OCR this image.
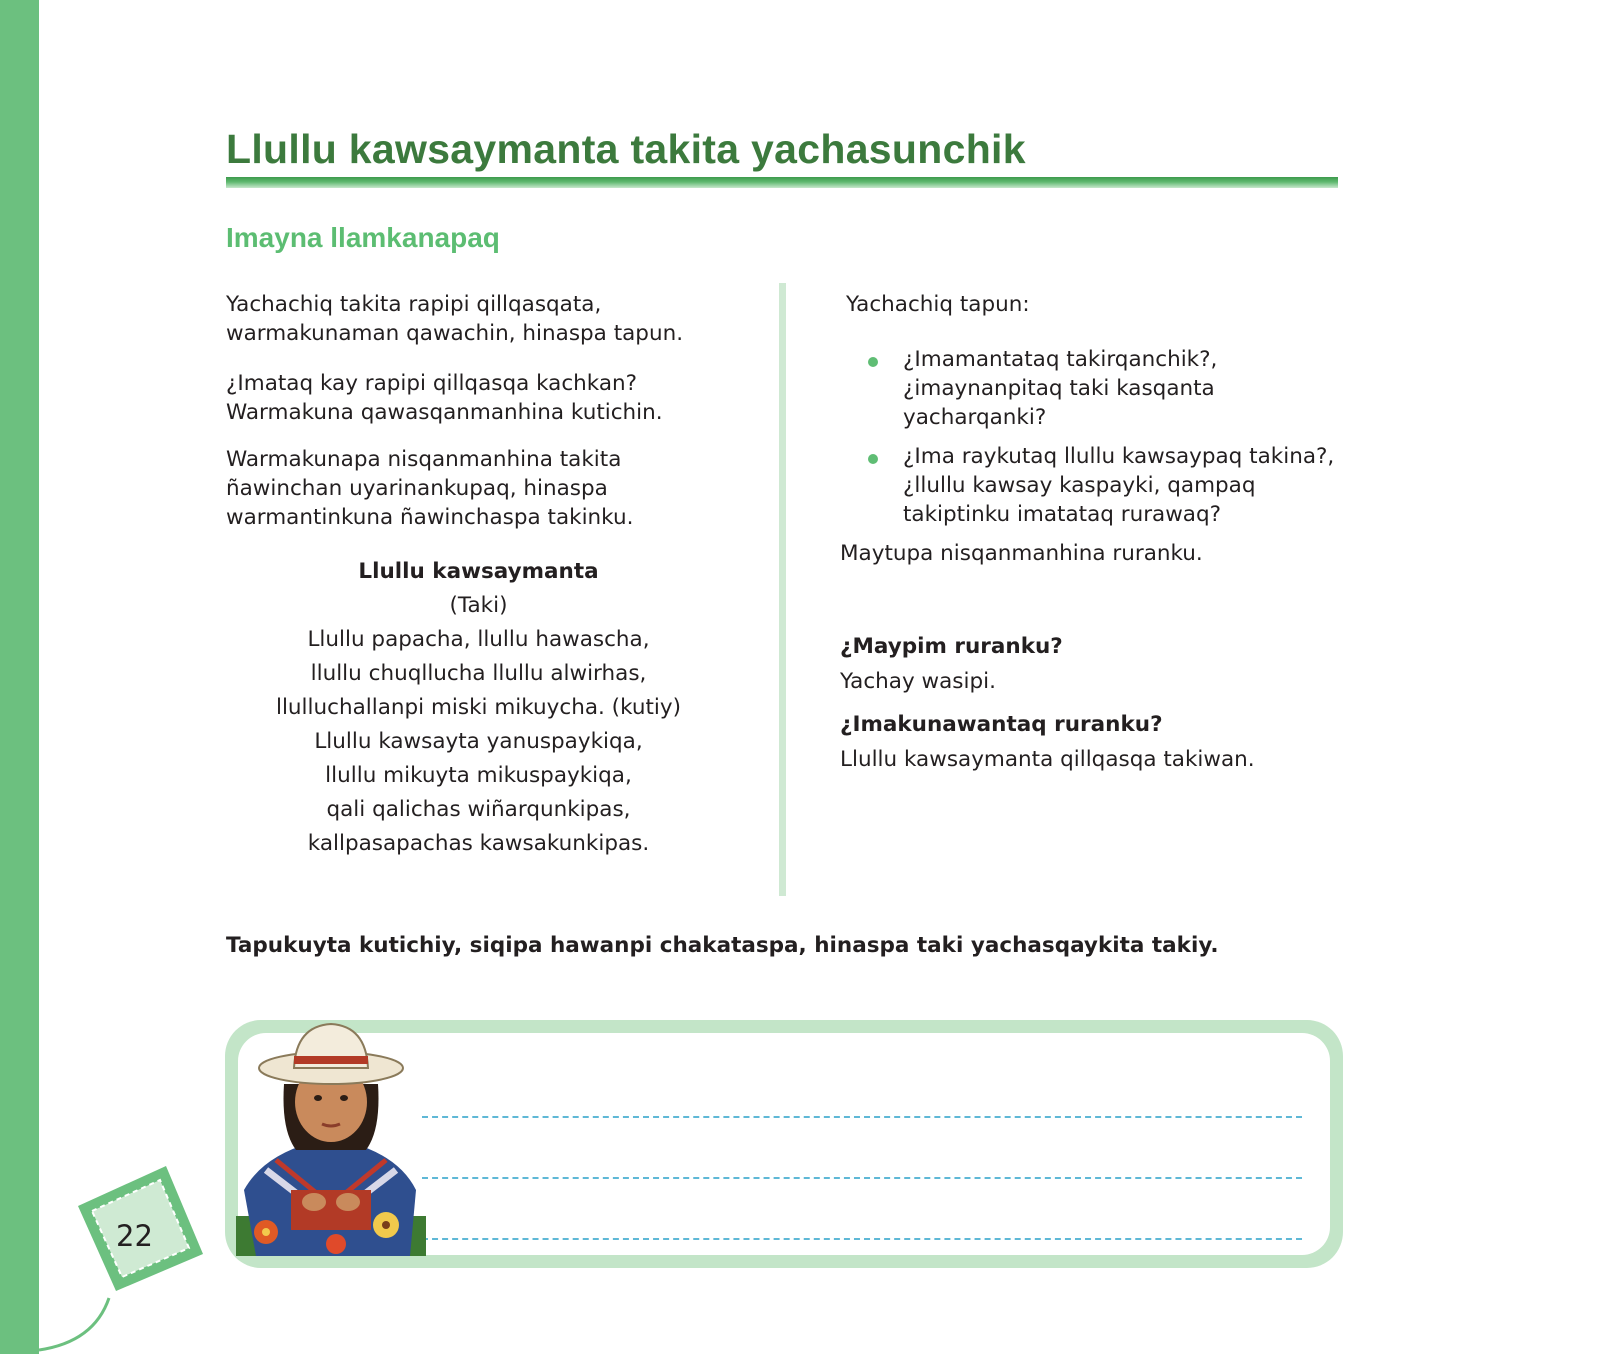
Llullu kawsaymanta takita yachasunchik
Imayna llamkanapaq

Yachachiq takita rapipi qillqasqata,
warmakunaman qawachin, hinaspa tapun.

¿Imataq kay rapipi qillqasqa kachkan?
Warmakuna qawasqanmanhina kutichin.

Warmakunapa nisqanmanhina takita
ñawinchan uyarinankupaq, hinaspa
warmantinkuna ñawinchaspa takinku.

Llullu kawsaymanta
(Taki)
Llullu papacha, llullu hawascha,
llullu chuqllucha llullu alwirhas,
llulluchallanpi miski mikuycha. (kutiy)
Llullu kawsayta yanuspaykiqa,
llullu mikuyta mikuspaykiqa,
qali qalichas wiñarqunkipas,
kallpasapachas kawsakunkipas.

Yachachiq tapun:

¿Imamantataq takirqanchik?,
¿imaynanpitaq taki kasqanta
yacharqanki?

¿Ima raykutaq llullu kawsaypaq takina?,
¿llullu kawsay kaspayki, qampaq
takiptinku imatataq rurawaq?

Maytupa nisqanmanhina ruranku.

¿Maypim ruranku?

Yachay wasipi.

¿Imakunawantaq ruranku?

Llullu kawsaymanta qillqasqa takiwan.

Tapukuyta kutichiy, siqipa hawanpi chakataspa, hinaspa taki yachasqaykita takiy.

22
